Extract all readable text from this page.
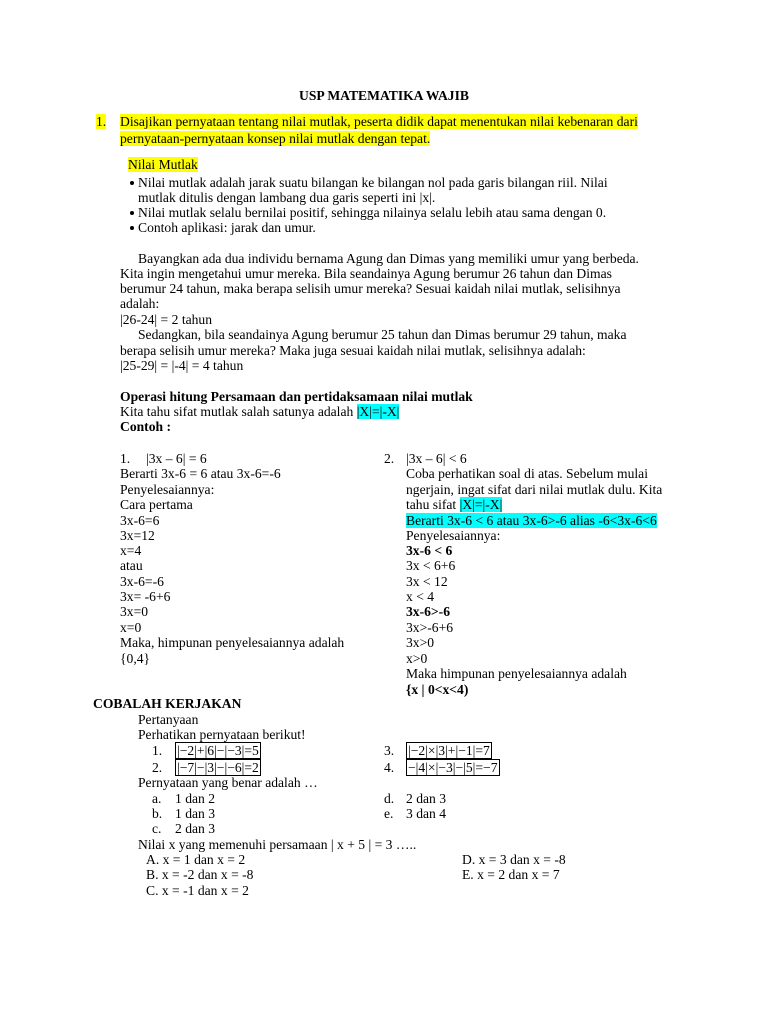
USP MATEMATIKA WAJIB
1. Disajikan pernyataan tentang nilai mutlak, peserta didik dapat menentukan nilai kebenaran dari
pernyataan-pernyataan konsep nilai mutlak dengan tepat.
Nilai Mutlak
Nilai mutlak adalah jarak suatu bilangan ke bilangan nol pada garis bilangan riil. Nilai
mutlak ditulis dengan lambang dua garis seperti ini |x|.
Nilai mutlak selalu bernilai positif, sehingga nilainya selalu lebih atau sama dengan 0.
Contoh aplikasi: jarak dan umur.
Bayangkan ada dua individu bernama Agung dan Dimas yang memiliki umur yang berbeda.
Kita ingin mengetahui umur mereka. Bila seandainya Agung berumur 26 tahun dan Dimas
berumur 24 tahun, maka berapa selisih umur mereka? Sesuai kaidah nilai mutlak, selisihnya
adalah:
|26-24| = 2 tahun
Sedangkan, bila seandainya Agung berumur 25 tahun dan Dimas berumur 29 tahun, maka
berapa selisih umur mereka? Maka juga sesuai kaidah nilai mutlak, selisihnya adalah:
|25-29| = |-4| = 4 tahun
Operasi hitung Persamaan dan pertidaksamaan nilai mutlak
Kita tahu sifat mutlak salah satunya adalah |X|=|-X|
Contoh :
1. |3x – 6| = 6
Berarti 3x-6 = 6 atau 3x-6=-6
Penyelesaiannya:
Cara pertama
3x-6=6
3x=12
x=4
atau
3x-6=-6
3x= -6+6
3x=0
x=0
Maka, himpunan penyelesaiannya adalah
{0,4}
2. |3x – 6| < 6
Coba perhatikan soal di atas. Sebelum mulai
ngerjain, ingat sifat dari nilai mutlak dulu. Kita
tahu sifat |X|=|-X|
Berarti 3x-6 < 6 atau 3x-6>-6 alias -6<3x-6<6
Penyelesaiannya:
3x-6 < 6
3x < 6+6
3x < 12
x < 4
3x-6>-6
3x>-6+6
3x>0
x>0
Maka himpunan penyelesaiannya adalah
{x | 0<x<4)
COBALAH KERJAKAN
Pertanyaan
Perhatikan pernyataan berikut!
1. |−2|+|6|−|−3|=5	3. |−2|×|3|+|−1|=7
2. |−7|−|3|−|−6|=2	4. −|4|×|−3|−|5|=−7
Pernyataan yang benar adalah …
a. 1 dan 2	d. 2 dan 3
b. 1 dan 3	e. 3 dan 4
c. 2 dan 3
Nilai x yang memenuhi persamaan | x + 5 | = 3 …..
A. x = 1 dan x = 2	D. x = 3 dan x = -8
B. x = -2 dan x = -8	E. x = 2 dan x = 7
C. x = -1 dan x = 2
